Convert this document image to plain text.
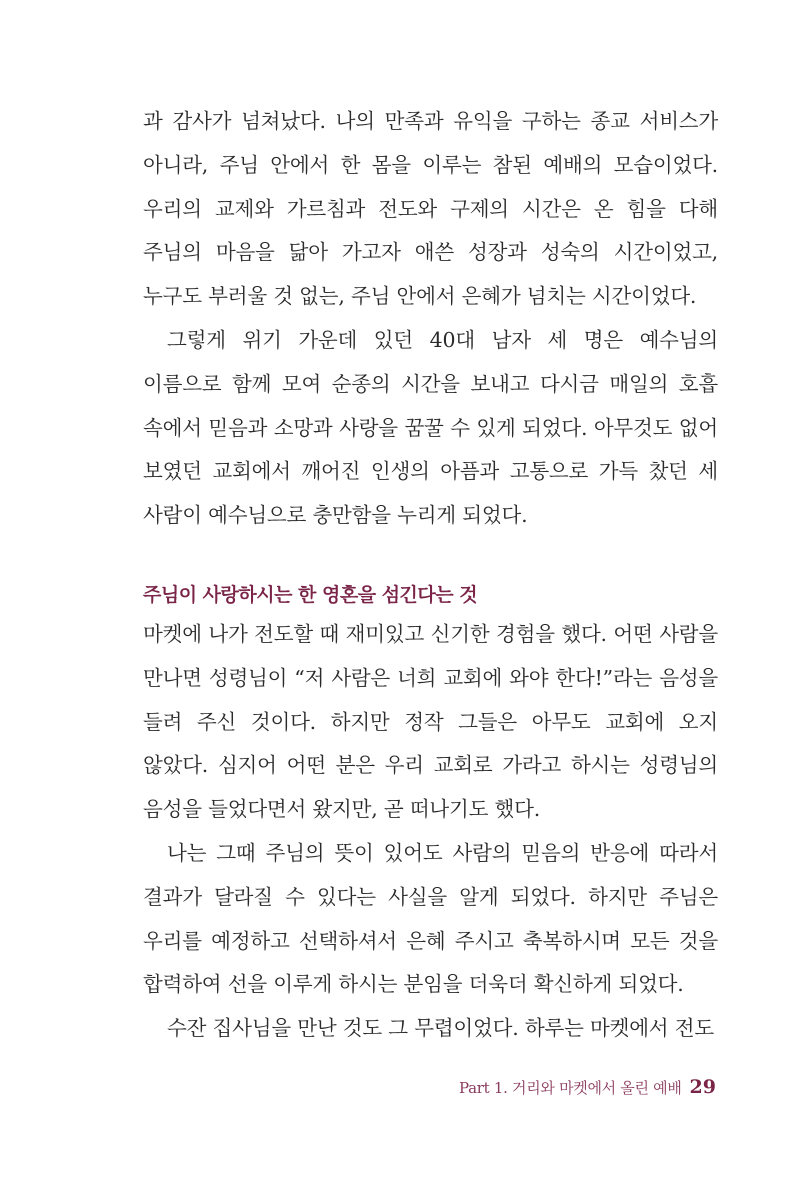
과 감사가 넘쳐났다. 나의 만족과 유익을 구하는 종교 서비스가 아니라, 주님 안에서 한 몸을 이루는 참된 예배의 모습이었다. 우리의 교제와 가르침과 전도와 구제의 시간은 온 힘을 다해 주님의 마음을 닮아 가고자 애쓴 성장과 성숙의 시간이었고, 누구도 부러울 것 없는, 주님 안에서 은혜가 넘치는 시간이었다.

그렇게 위기 가운데 있던 40대 남자 세 명은 예수님의 이름으로 함께 모여 순종의 시간을 보내고 다시금 매일의 호흡 속에서 믿음과 소망과 사랑을 꿈꿀 수 있게 되었다. 아무것도 없어 보였던 교회에서 깨어진 인생의 아픔과 고통으로 가득 찼던 세 사람이 예수님으로 충만함을 누리게 되었다.

주님이 사랑하시는 한 영혼을 섬긴다는 것

마켓에 나가 전도할 때 재미있고 신기한 경험을 했다. 어떤 사람을 만나면 성령님이 “저 사람은 너희 교회에 와야 한다!”라는 음성을 들려 주신 것이다. 하지만 정작 그들은 아무도 교회에 오지 않았다. 심지어 어떤 분은 우리 교회로 가라고 하시는 성령님의 음성을 들었다면서 왔지만, 곧 떠나기도 했다.

나는 그때 주님의 뜻이 있어도 사람의 믿음의 반응에 따라서 결과가 달라질 수 있다는 사실을 알게 되었다. 하지만 주님은 우리를 예정하고 선택하셔서 은혜 주시고 축복하시며 모든 것을 합력하여 선을 이루게 하시는 분임을 더욱더 확신하게 되었다.

수잔 집사님을 만난 것도 그 무렵이었다. 하루는 마켓에서 전도

Part 1. 거리와 마켓에서 올린 예배 29
